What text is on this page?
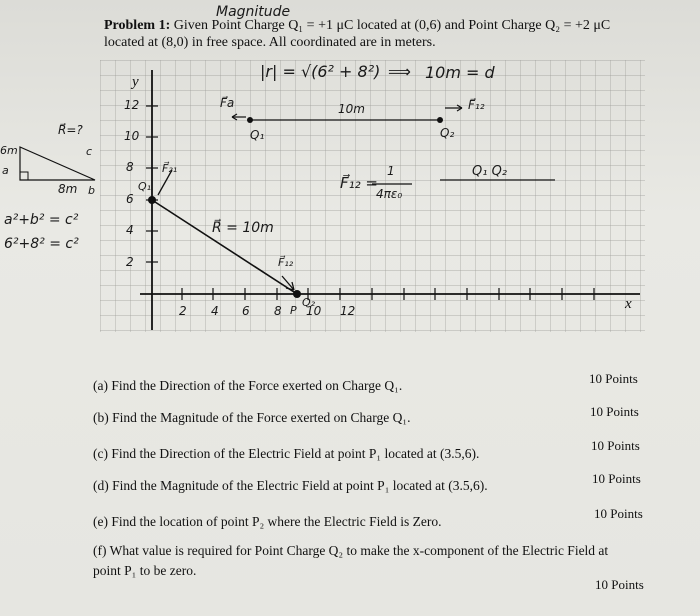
Magnitude
Problem 1: Given Point Charge Q₁ = +1 μC located at (0,6) and Point Charge Q₂ = +2 μC
located at (8,0) in free space. All coordinated are in meters.
y
x
12
10
8
6
4
2
2 4 6 8 10 12
|r| = √(6² + 8²) ⟹ 10m = d
F⃗a
Q₁
10m	F⃗₁₂
Q₂
F⃗₁₂ =
1
4πε₀
Q₁ Q₂
Q₁
F⃗₂₁
R⃗ = 10m
F⃗₁₂
Q₂
P
R⃗=?
c
6m
a
8m b
a²+b² = c²
6²+8² = c²
(a) Find the Direction of the Force exerted on Charge Q₁.	10 Points
(b) Find the Magnitude of the Force exerted on Charge Q₁.	10 Points
(c) Find the Direction of the Electric Field at point P₁ located at (3.5,6).
10 Points
(d) Find the Magnitude of the Electric Field at point P₁ located at (3.5,6).	10 Points
(e) Find the location of point P₂ where the Electric Field is Zero.
10 Points
(f) What value is required for Point Charge Q₂ to make the x-component of the Electric Field at
point P₁ to be zero.
10 Points
